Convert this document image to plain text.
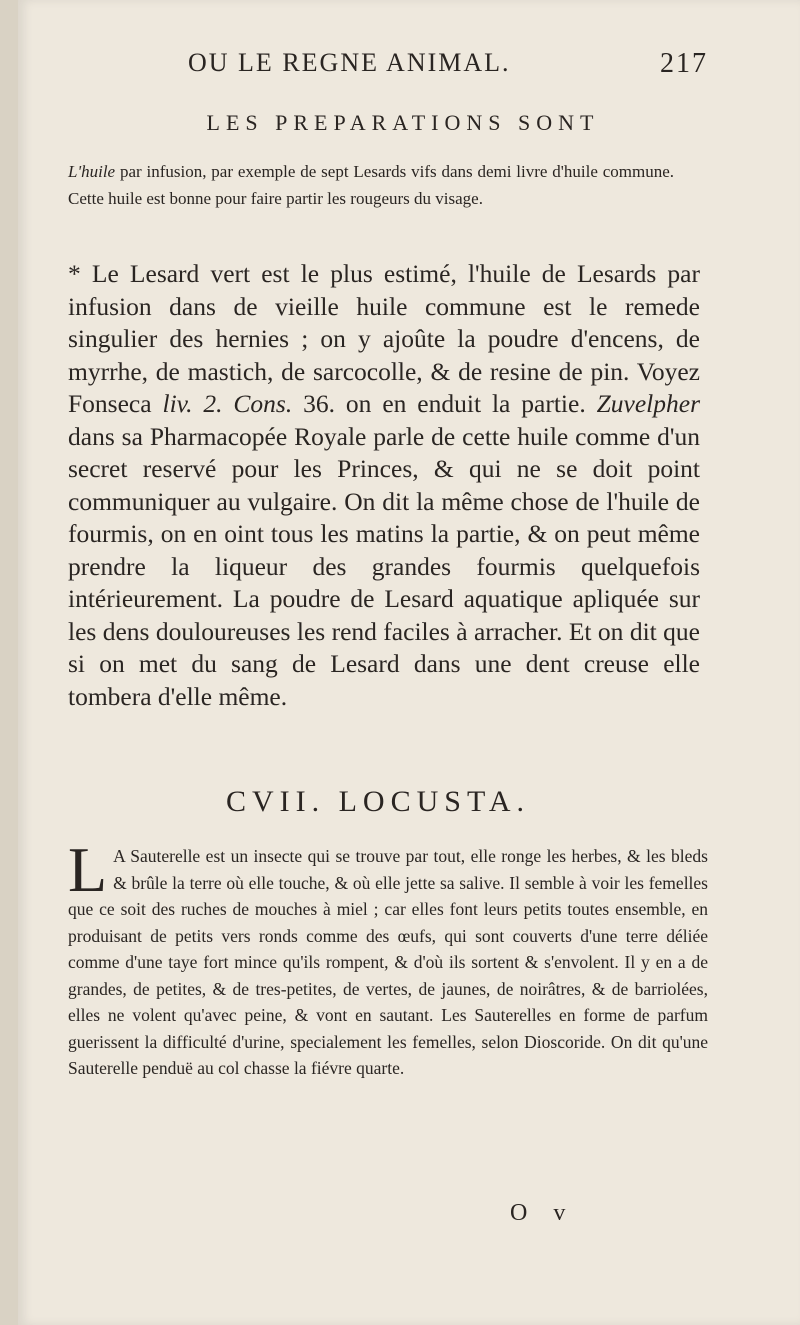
OU LE REGNE ANIMAL.	217
LES PREPARATIONS SONT
L'huile par infusion, par exemple de sept Lesards vifs dans demi livre d'huile commune. Cette huile est bonne pour faire partir les rougeurs du visage.
* Le Lesard vert est le plus estimé, l'huile de Lesards par infusion dans de vieille huile commune est le remede singulier des hernies ; on y ajoûte la poudre d'encens, de myrrhe, de mastich, de sarcocolle, & de resine de pin. Voyez Fonseca liv. 2. Cons. 36. on en enduit la partie. Zuvelpher dans sa Pharmacopée Royale parle de cette huile comme d'un secret reservé pour les Princes, & qui ne se doit point communiquer au vulgaire. On dit la même chose de l'huile de fourmis, on en oint tous les matins la partie, & on peut même prendre la liqueur des grandes fourmis quelquefois intérieurement. La poudre de Lesard aquatique apliquée sur les dens douloureuses les rend faciles à arracher. Et on dit que si on met du sang de Lesard dans une dent creuse elle tombera d'elle même.
CVII. LOCUSTA.
L A Sauterelle est un insecte qui se trouve par tout, elle ronge les herbes, & les bleds & brûle la terre où elle touche, & où elle jette sa salive. Il semble à voir les femelles que ce soit des ruches de mouches à miel ; car elles font leurs petits toutes ensemble, en produisant de petits vers ronds comme des œufs, qui sont couverts d'une terre déliée comme d'une taye fort mince qu'ils rompent, & d'où ils sortent & s'envolent. Il y en a de grandes, de petites, & de tres-petites, de vertes, de jaunes, de noirâtres, & de barriolées, elles ne volent qu'avec peine, & vont en sautant. Les Sauterelles en forme de parfum guerissent la difficulté d'urine, specialement les femelles, selon Dioscoride. On dit qu'une Sauterelle penduë au col chasse la fiévre quarte.
O v
